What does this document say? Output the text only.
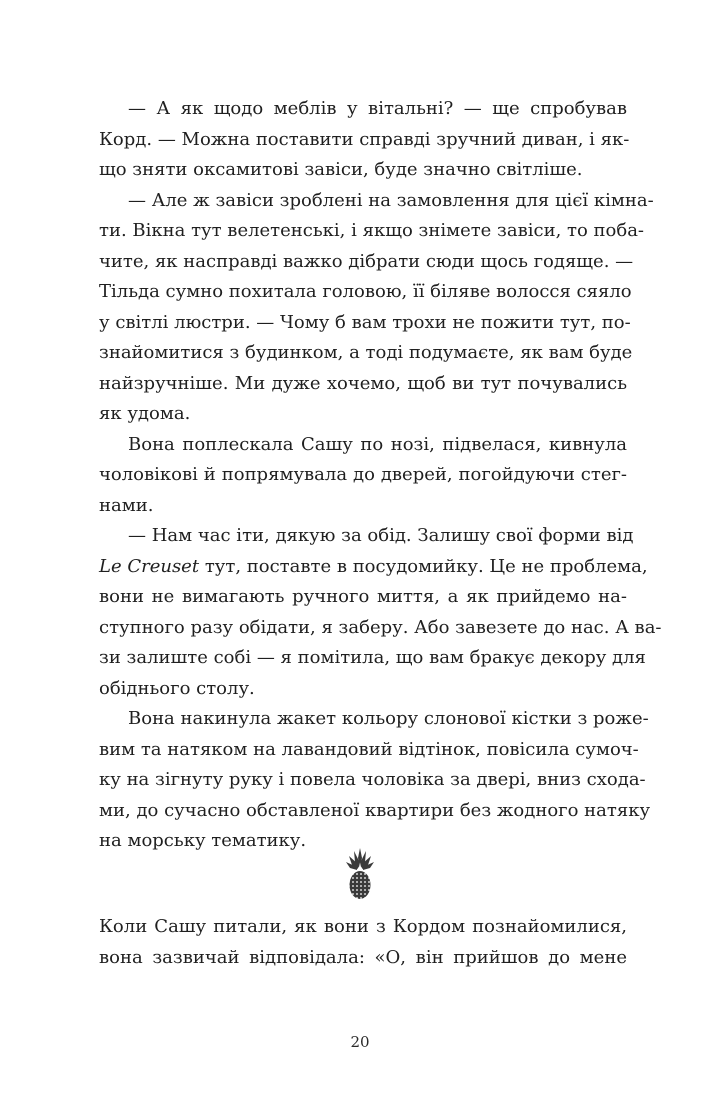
— А як щодо меблів у вітальні? — ще спробував
Корд. — Можна поставити справді зручний диван, і як-
що зняти оксамитові завіси, буде значно світліше.
— Але ж завіси зроблені на замовлення для цієї кімна-
ти. Вікна тут велетенські, і якщо знімете завіси, то поба-
чите, як насправді важко дібрати сюди щось годяще. —
Тільда сумно похитала головою, її біляве волосся сяяло
у світлі люстри. — Чому б вам трохи не пожити тут, по-
знайомитися з будинком, а тоді подумаєте, як вам буде
найзручніше. Ми дуже хочемо, щоб ви тут почувались
як удома.
Вона поплескала Сашу по нозі, підвелася, кивнула
чоловікові й попрямувала до дверей, погойдуючи стег-
нами.
— Нам час іти, дякую за обід. Залишу свої форми від
Le Creuset тут, поставте в посудомийку. Це не проблема,
вони не вимагають ручного миття, а як прийдемо на-
ступного разу обідати, я заберу. Або завезете до нас. А ва-
зи залиште собі — я помітила, що вам бракує декору для
обіднього столу.
Вона накинула жакет кольору слонової кістки з роже-
вим та натяком на лавандовий відтінок, повісила сумоч-
ку на зігнуту руку і повела чоловіка за двері, вниз схода-
ми, до сучасно обставленої квартири без жодного натяку
на морську тематику.
Коли Сашу питали, як вони з Кордом познайомилися,
вона зазвичай відповідала: «О, він прийшов до мене
20
